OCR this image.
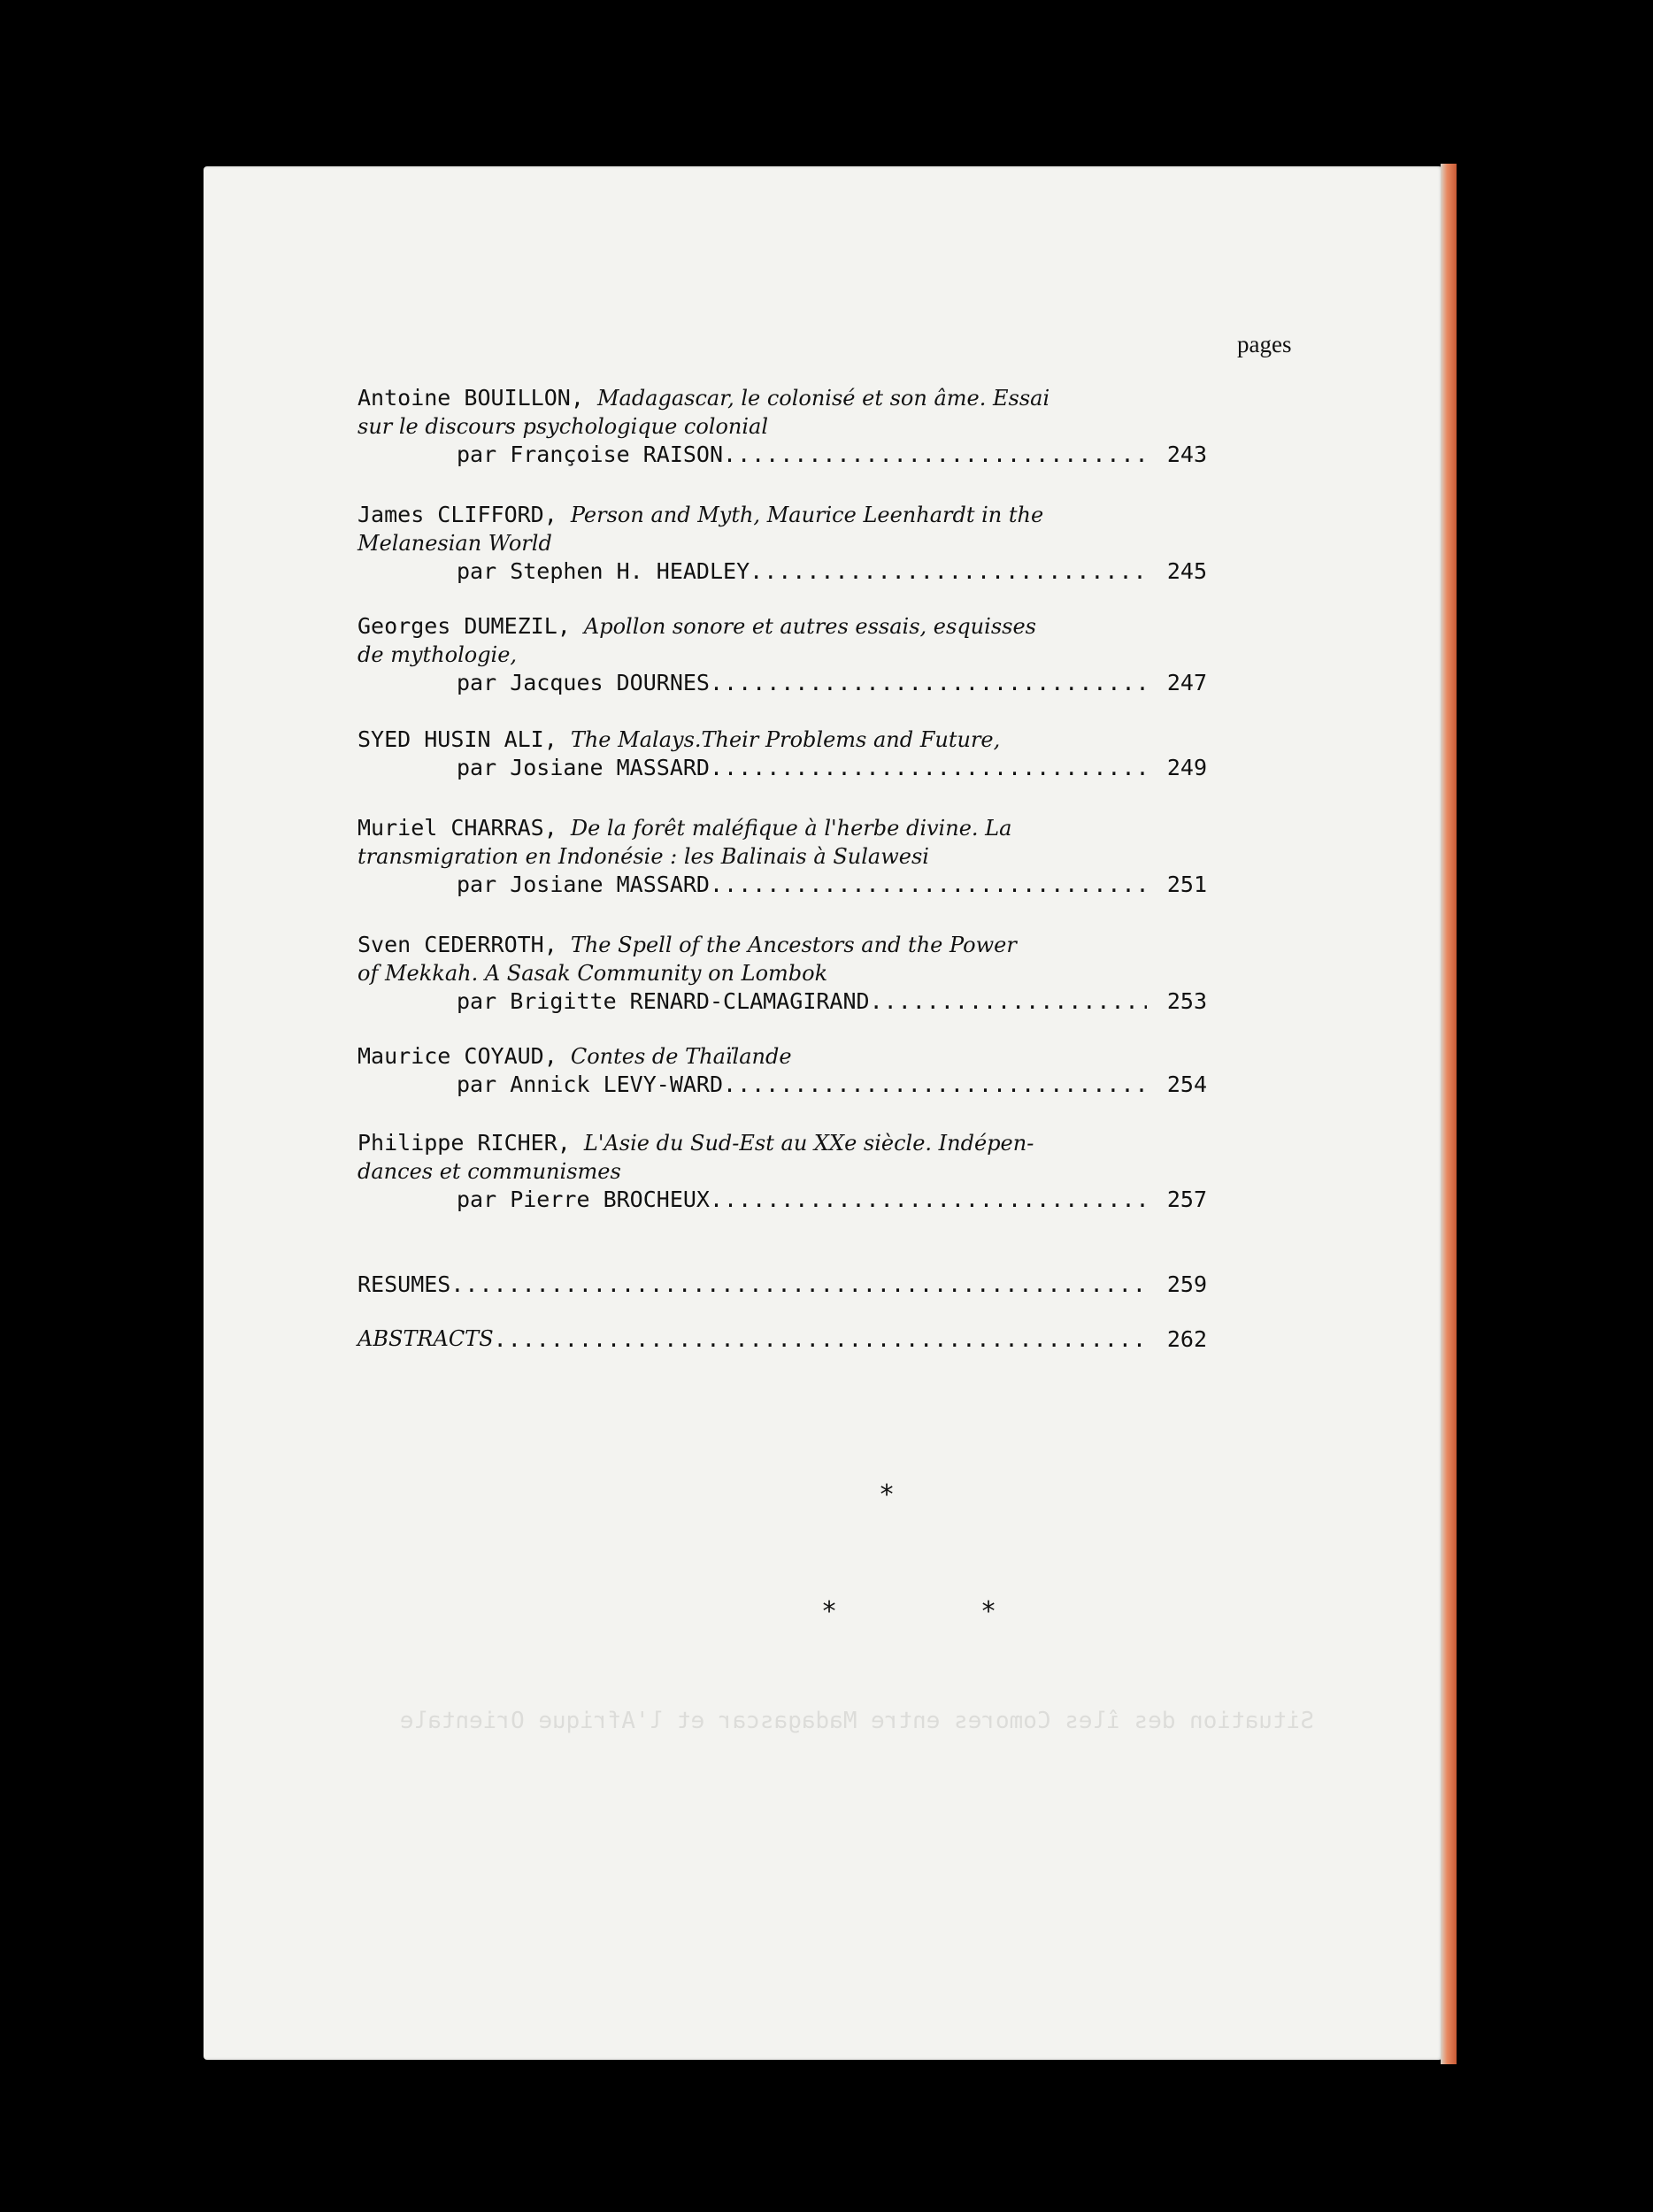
Situation des îles Comores entre Madagascar et l'Afrique Orientale
pages
Antoine BOUILLON, Madagascar, le colonisé et son âme. Essai
sur le discours psychologique colonial
par Françoise RAISON .....	243
James CLIFFORD, Person and Myth, Maurice Leenhardt in the
Melanesian World
par Stephen H. HEADLEY .....	245
Georges DUMEZIL, Apollon sonore et autres essais, esquisses
de mythologie,
par Jacques DOURNES .....	247
SYED HUSIN ALI, The Malays.Their Problems and Future,
par Josiane MASSARD .....	249
Muriel CHARRAS, De la forêt maléfique à l'herbe divine. La
transmigration en Indonésie : les Balinais à Sulawesi
par Josiane MASSARD .....	251
Sven CEDERROTH, The Spell of the Ancestors and the Power
of Mekkah. A Sasak Community on Lombok
par Brigitte RENARD-CLAMAGIRAND .....	253
Maurice COYAUD, Contes de Thaïlande
par Annick LEVY-WARD .....	254
Philippe RICHER, L'Asie du Sud-Est au XXe siècle. Indépen-
dances et communismes
par Pierre BROCHEUX .....	257
RESUMES .....	259
ABSTRACTS .....	262
*
*	*
